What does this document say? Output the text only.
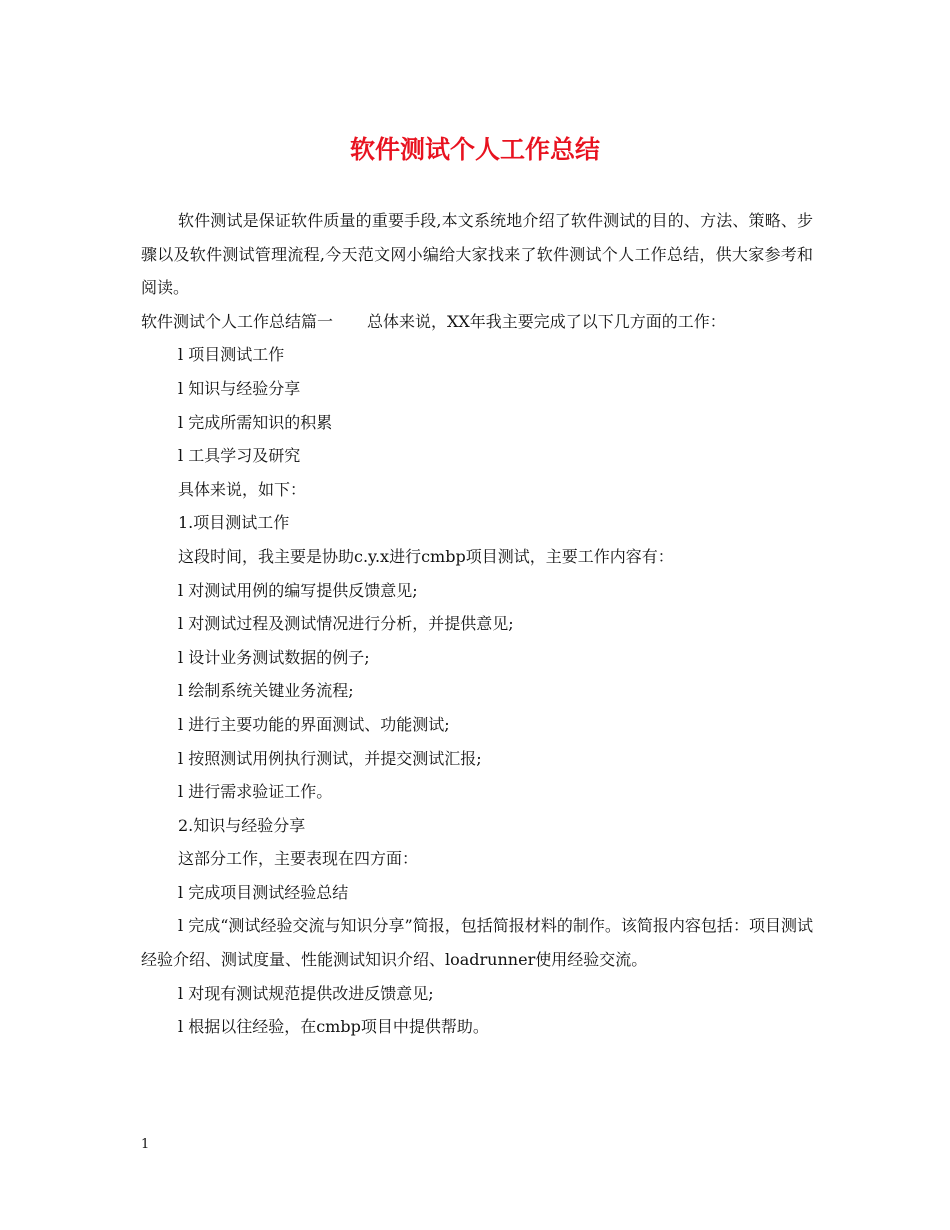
软件测试个人工作总结

软件测试是保证软件质量的重要手段,本文系统地介绍了软件测试的目的、方法、策略、步骤以及软件测试管理流程,今天范文网小编给大家找来了软件测试个人工作总结，供大家参考和阅读。

软件测试个人工作总结篇一 总体来说，XX年我主要完成了以下几方面的工作：

l 项目测试工作

l 知识与经验分享

l 完成所需知识的积累

l 工具学习及研究

具体来说，如下：

1.项目测试工作

这段时间，我主要是协助c.y.x进行cmbp项目测试，主要工作内容有：

l 对测试用例的编写提供反馈意见;

l 对测试过程及测试情况进行分析，并提供意见;

l 设计业务测试数据的例子;

l 绘制系统关键业务流程;

l 进行主要功能的界面测试、功能测试;

l 按照测试用例执行测试，并提交测试汇报;

l 进行需求验证工作。

2.知识与经验分享

这部分工作，主要表现在四方面：

l 完成项目测试经验总结

l 完成“测试经验交流与知识分享”简报，包括简报材料的制作。该简报内容包括：项目测试经验介绍、测试度量、性能测试知识介绍、loadrunner使用经验交流。

l 对现有测试规范提供改进反馈意见;

l 根据以往经验，在cmbp项目中提供帮助。

1
